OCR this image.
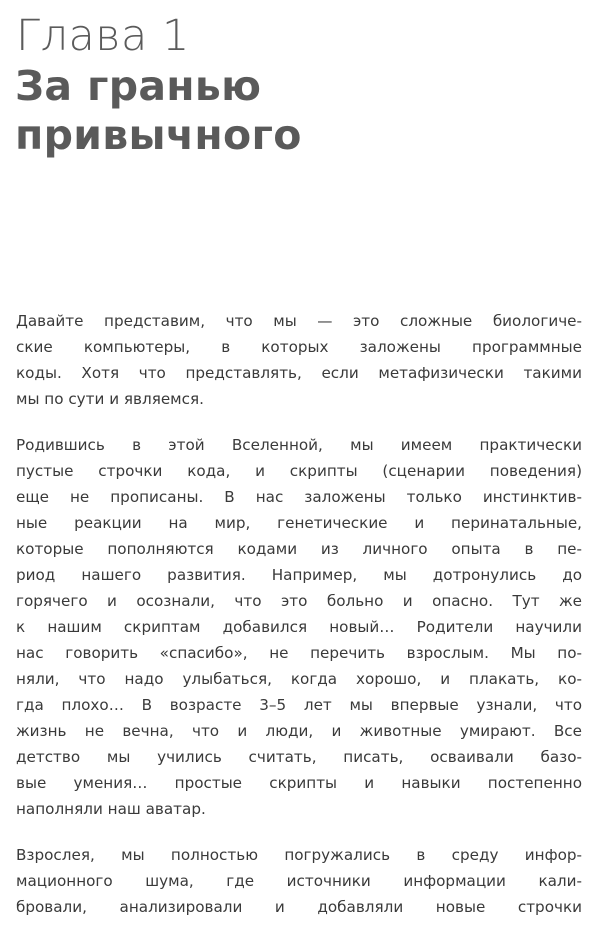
Глава 1
За гранью
привычного
Давайте представим, что мы — это сложные биологиче-
ские компьютеры, в которых заложены программные
коды. Хотя что представлять, если метафизически такими
мы по сути и являемся.
Родившись в этой Вселенной, мы имеем практически
пустые строчки кода, и скрипты (сценарии поведения)
еще не прописаны. В нас заложены только инстинктив-
ные реакции на мир, генетические и перинатальные,
которые пополняются кодами из личного опыта в пе-
риод нашего развития. Например, мы дотронулись до
горячего и осознали, что это больно и опасно. Тут же
к нашим скриптам добавился новый… Родители научили
нас говорить «спасибо», не перечить взрослым. Мы по-
няли, что надо улыбаться, когда хорошо, и плакать, ко-
гда плохо… В возрасте 3–5 лет мы впервые узнали, что
жизнь не вечна, что и люди, и животные умирают. Все
детство мы учились считать, писать, осваивали базо-
вые умения… простые скрипты и навыки постепенно
наполняли наш аватар.
Взрослея, мы полностью погружались в среду инфор-
мационного шума, где источники информации кали-
бровали, анализировали и добавляли новые строчки
